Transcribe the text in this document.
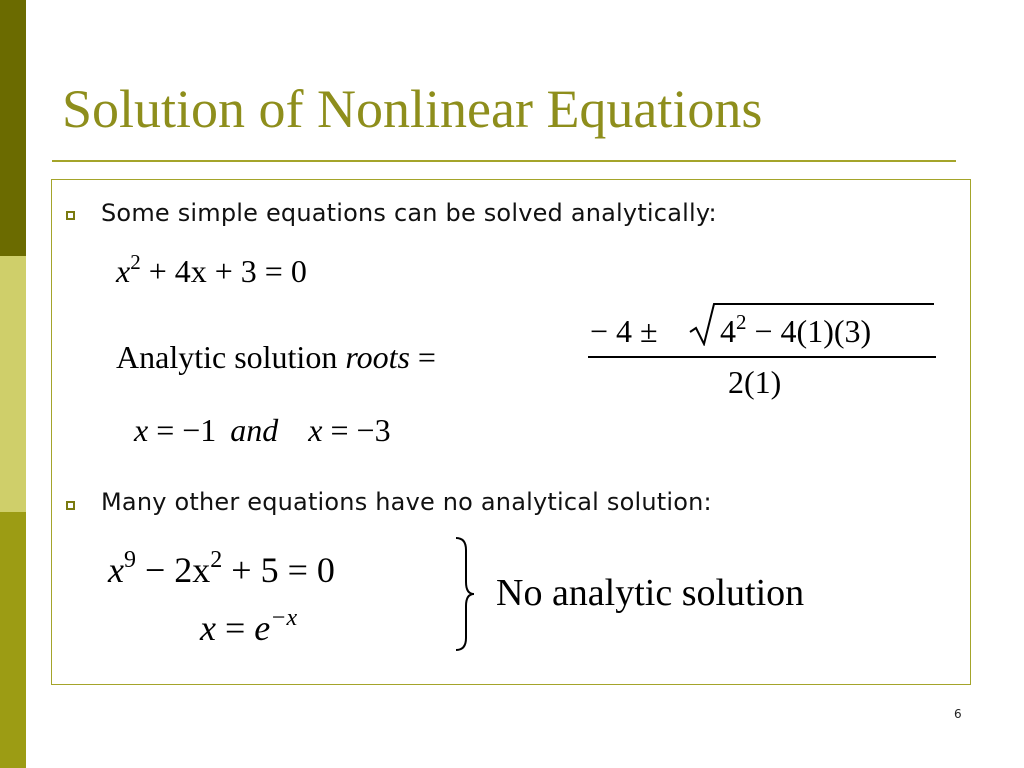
Solution of Nonlinear Equations
Some simple equations can be solved analytically:
$x^2 + 4x + 3 = 0$
Analytic solution roots =
− $4 \pm 4^2 - 4(1)(3)$
2(1)
x = −1 and x = −3
Many other equations have no analytical solution:
$x^9 - 2x^2 + 5 = 0$
$x = e^{-x}$
No analytic solution
6
